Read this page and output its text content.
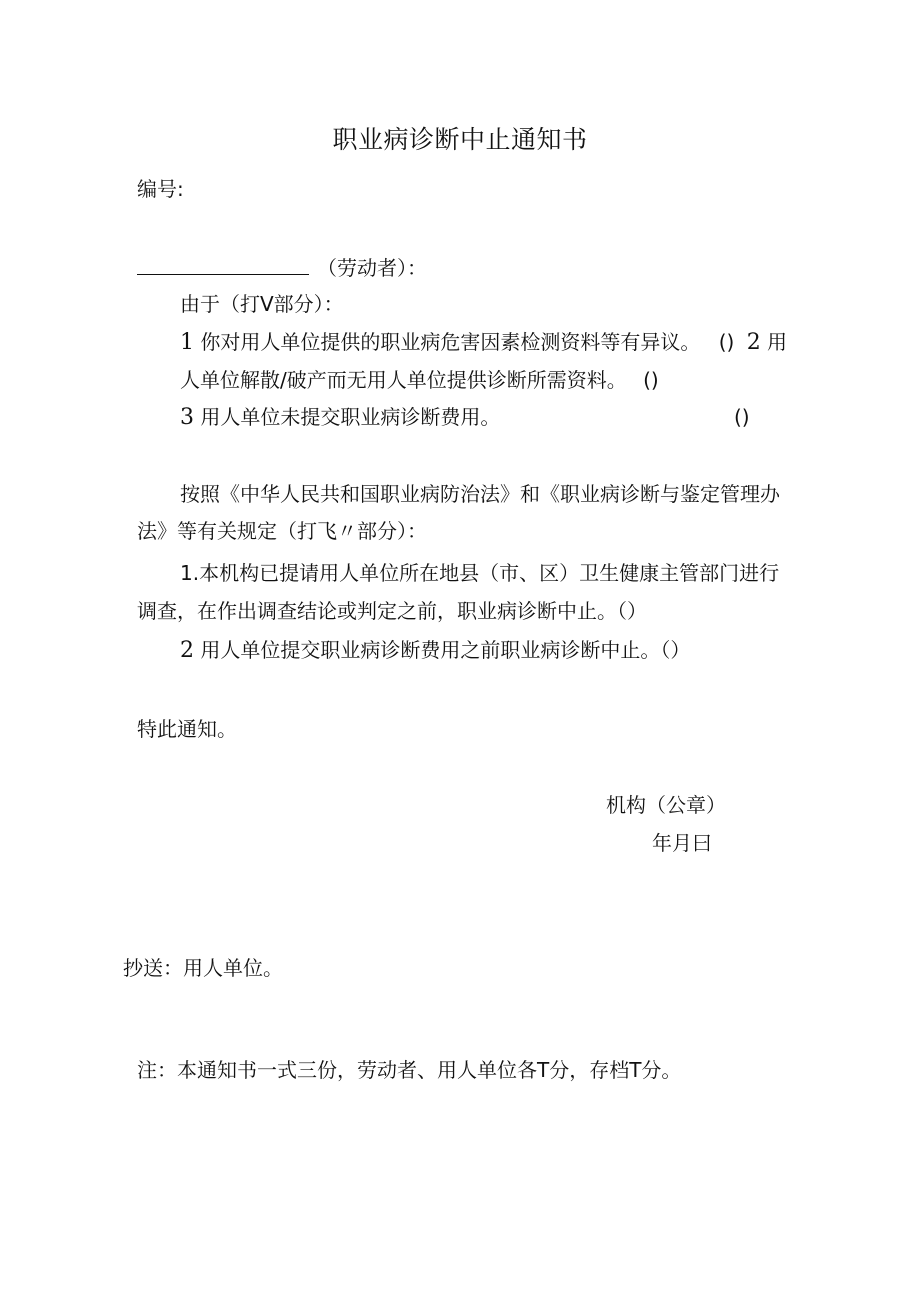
职业病诊断中止通知书
编号:
（劳动者）：
由于（打Ⅴ部分）：
1 你对用人单位提供的职业病危害因素检测资料等有异议。 () 2 用
人单位解散/破产而无用人单位提供诊断所需资料。 ()
3 用人单位未提交职业病诊断费用。	()
按照《中华人民共和国职业病防治法》和《职业病诊断与鉴定管理办
法》等有关规定（打飞〃部分）：
1.本机构已提请用人单位所在地县（市、区）卫生健康主管部门进行
调查，在作出调查结论或判定之前，职业病诊断中止。（）
2 用人单位提交职业病诊断费用之前职业病诊断中止。（）
特此通知。
机构（公章）
年月曰
抄送：用人单位。
注：本通知书一式三份，劳动者、用人单位各Τ分，存档Τ分。
